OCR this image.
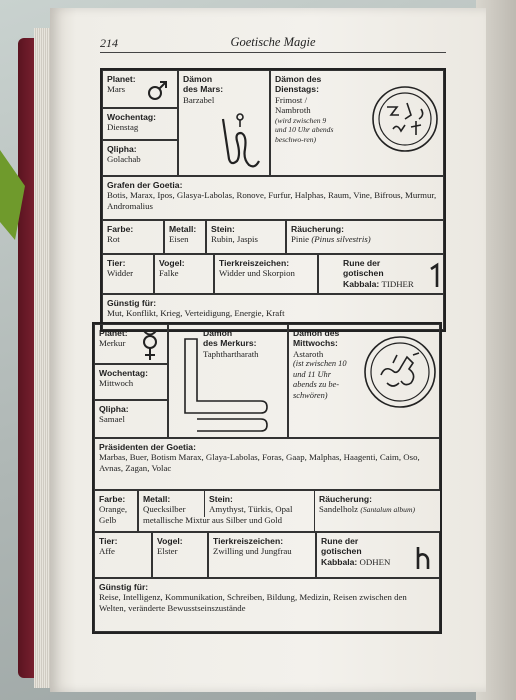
214	Goetische Magie
Planet:
Mars
Wochentag:
Dienstag
Qlipha:
Golachab
Dämon
des Mars:
Barzabel
Dämon des
Dienstags:
Frimost /
Nambroth
(wird zwischen 9 und 10 Uhr abends beschwo-ren)
Grafen der Goetia:
Botis, Marax, Ipos, Glasya-Labolas, Ronove, Furfur, Halphas, Raum, Vine, Bifrous, Murmur, Andromalius
Farbe:
Rot
Metall:
Eisen
Stein:
Rubin, Jaspis
Räucherung:
Pinie (Pinus silvestris)
Tier:
Widder
Vogel:
Falke
Tierkreiszeichen:
Widder und Skorpion
Rune der
gotischen
Kabbala: TIDHER
Günstig für:
Mut, Konflikt, Krieg, Verteidigung, Energie, Kraft
Planet:
Merkur
Wochentag:
Mittwoch
Qlipha:
Samael
Dämon
des Merkurs:
Taphthartharath
Dämon des
Mittwochs:
Astaroth
(ist zwischen 10 und 11 Uhr abends zu be-schwören)
Präsidenten der Goetia:
Marbas, Buer, Botism Marax, Glaya-Labolas, Foras, Gaap, Malphas, Haagenti, Caim, Oso, Avnas, Zagan, Volac
Farbe:
Orange,
Gelb
Metall:
Quecksilber
metallische Mixtur aus Silber und Gold
Stein:
Amythyst, Türkis, Opal
Räucherung:
Sandelholz (Santalum album)
Tier:
Affe
Vogel:
Elster
Tierkreiszeichen:
Zwilling und Jungfrau
Rune der
gotischen
Kabbala: ODHEN
Günstig für:
Reise, Intelligenz, Kommunikation, Schreiben, Bildung, Medizin, Reisen zwischen den Welten, veränderte Bewusstseinszustände
